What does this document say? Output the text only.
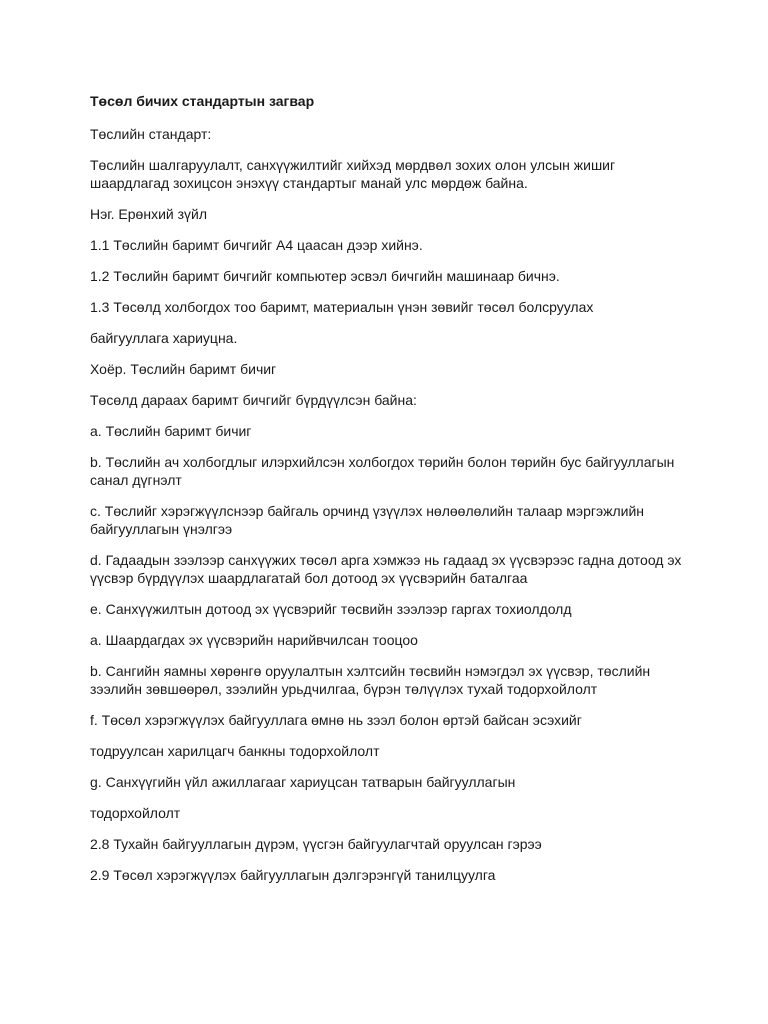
Төсөл бичих стандартын загвар

Төслийн стандарт:

Төслийн шалгаруулалт, санхүүжилтийг хийхэд мөрдвөл зохих олон улсын жишиг шаардлагад зохицсон энэхүү стандартыг манай улс мөрдөж байна.

Нэг. Ерөнхий зүйл

1.1 Төслийн баримт бичгийг А4 цаасан дээр хийнэ.

1.2 Төслийн баримт бичгийг компьютер эсвэл бичгийн машинаар бичнэ.

1.3 Төсөлд холбогдох тоо баримт, материалын үнэн зөвийг төсөл болсруулах

байгууллага хариуцна.

Хоёр. Төслийн баримт бичиг

Төсөлд дараах баримт бичгийг бүрдүүлсэн байна:

a. Төслийн баримт бичиг

b. Төслийн ач холбогдлыг илэрхийлсэн холбогдох төрийн болон төрийн бус байгууллагын санал дүгнэлт

c. Төслийг хэрэгжүүлснээр байгаль орчинд үзүүлэх нөлөөлөлийн талаар мэргэжлийн байгууллагын үнэлгээ

d. Гадаадын зээлээр санхүүжих төсөл арга хэмжээ нь гадаад эх үүсвэрээс гадна дотоод эх үүсвэр бүрдүүлэх шаардлагатай бол дотоод эх үүсвэрийн баталгаа

e. Санхүүжилтын дотоод эх үүсвэрийг төсвийн зээлээр гаргах тохиолдолд

a. Шаардагдах эх үүсвэрийн нарийвчилсан тооцоо

b. Сангийн яамны хөрөнгө оруулалтын хэлтсийн төсвийн нэмэгдэл эх үүсвэр, төслийн зээлийн зөвшөөрөл, зээлийн урьдчилгаа, бүрэн төлүүлэх тухай тодорхойлолт

f. Төсөл хэрэгжүүлэх байгууллага өмнө нь зээл болон өртэй байсан эсэхийг

тодруулсан харилцагч банкны тодорхойлолт

g. Санхүүгийн үйл ажиллагааг хариуцсан татварын байгууллагын

тодорхойлолт

2.8 Тухайн байгууллагын дүрэм, үүсгэн байгуулагчтай оруулсан гэрээ

2.9 Төсөл хэрэгжүүлэх байгууллагын дэлгэрэнгүй танилцуулга
